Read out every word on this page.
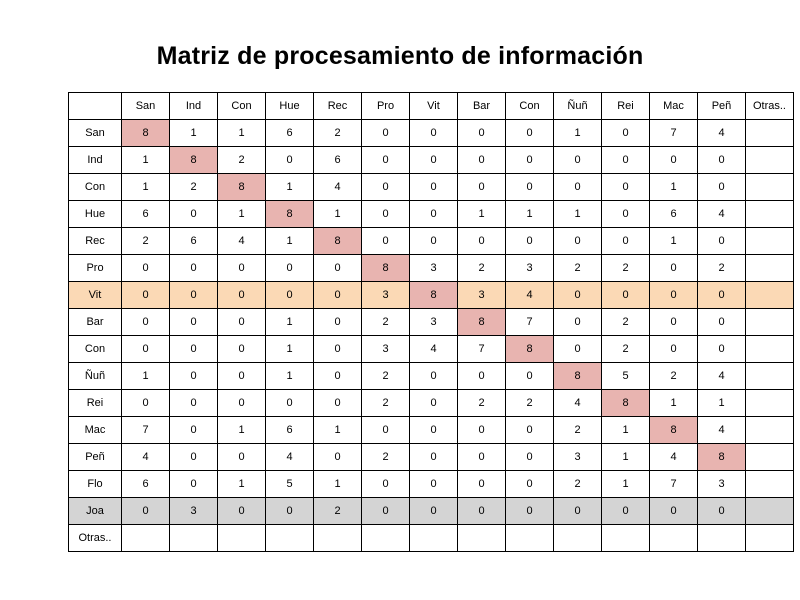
Matriz de procesamiento de información
	San	Ind	Con	Hue	Rec	Pro	Vit	Bar	Con	Ñuñ	Rei	Mac	Peñ	Otras..
San	8	1	1	6	2	0	0	0	0	1	0	7	4	
Ind	1	8	2	0	6	0	0	0	0	0	0	0	0	
Con	1	2	8	1	4	0	0	0	0	0	0	1	0	
Hue	6	0	1	8	1	0	0	1	1	1	0	6	4	
Rec	2	6	4	1	8	0	0	0	0	0	0	1	0	
Pro	0	0	0	0	0	8	3	2	3	2	2	0	2	
Vit	0	0	0	0	0	3	8	3	4	0	0	0	0	
Bar	0	0	0	1	0	2	3	8	7	0	2	0	0	
Con	0	0	0	1	0	3	4	7	8	0	2	0	0	
Ñuñ	1	0	0	1	0	2	0	0	0	8	5	2	4	
Rei	0	0	0	0	0	2	0	2	2	4	8	1	1	
Mac	7	0	1	6	1	0	0	0	0	2	1	8	4	
Peñ	4	0	0	4	0	2	0	0	0	3	1	4	8	
Flo	6	0	1	5	1	0	0	0	0	2	1	7	3	
Joa	0	3	0	0	2	0	0	0	0	0	0	0	0	
Otras..														
